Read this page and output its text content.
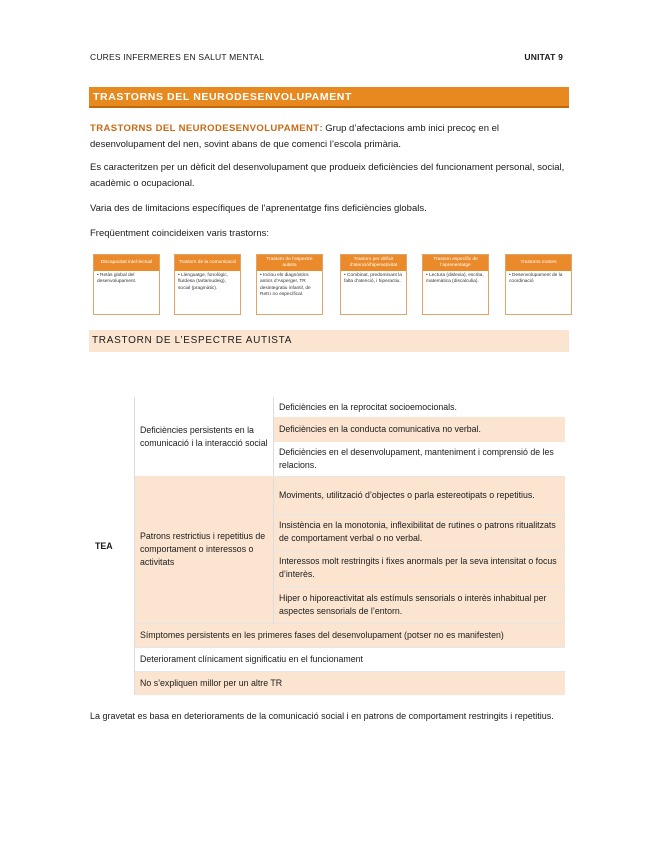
CURES INFERMERES EN SALUT MENTAL	UNITAT 9
TRASTORNS DEL NEURODESENVOLUPAMENT
TRASTORNS DEL NEURODESENVOLUPAMENT: Grup d’afectacions amb inici precoç en el desenvolupament del nen, sovint abans de que comenci l’escola primària.
Es caracteritzen per un dèficit del desenvolupament que produeix deficiències del funcionament personal, social, acadèmic o ocupacional.
Varia des de limitacions específiques de l’aprenentatge fins deficiències globals.
Freqüentment coincideixen varis trastorns:
Discapacitat intel·lectual
• Retàs global del desenvolupament.
Trastorn de la comunicació
• Llenguatge, fonològic, fluïdesa (tartamudeig), social (pragmàtic).
Trastorn de l’espectre autista
• Inclou els diagnòstics antics d’Asperger, TR desintegratiu infantil, de Rett i no específical.
Trastorn per dèficit d’atenció/hiperactivitat
• Combinat, predominant la falta d’atenció, i hiperactiu.
Trastorn específic de l’aprenentatge
• Lectura (dislexia), escrita, matemàtica (discalculia).
Trastorns motors
• Desenvolupament de la coordinació
TRASTORN DE L’ESPECTRE AUTISTA
TEA	Deficiències persistents en la comunicació i la interacció social	Deficiències en la reprocitat socioemocionals.
		Deficiències en la conducta comunicativa no verbal.
		Deficiències en el desenvolupament, manteniment i comprensió de les relacions.
	Patrons restrictius i repetitius de comportament o interessos o activitats	Moviments, utilització d’objectes o parla estereotipats o repetitius.
		Insistència en la monotonia, inflexibilitat de rutines o patrons ritualitzats de comportament verbal o no verbal.
		Interessos molt restringits i fixes anormals per la seva intensitat o focus d’interès.
		Hiper o hiporeactivitat als estímuls sensorials o interès inhabitual per aspectes sensorials de l’entorn.
	Símptomes persistents en les primeres fases del desenvolupament (potser no es manifesten)	
	Deteriorament clínicament significatiu en el funcionament	
	No s’expliquen millor per un altre TR	
La gravetat es basa en deterioraments de la comunicació social i en patrons de comportament restringits i repetitius.
